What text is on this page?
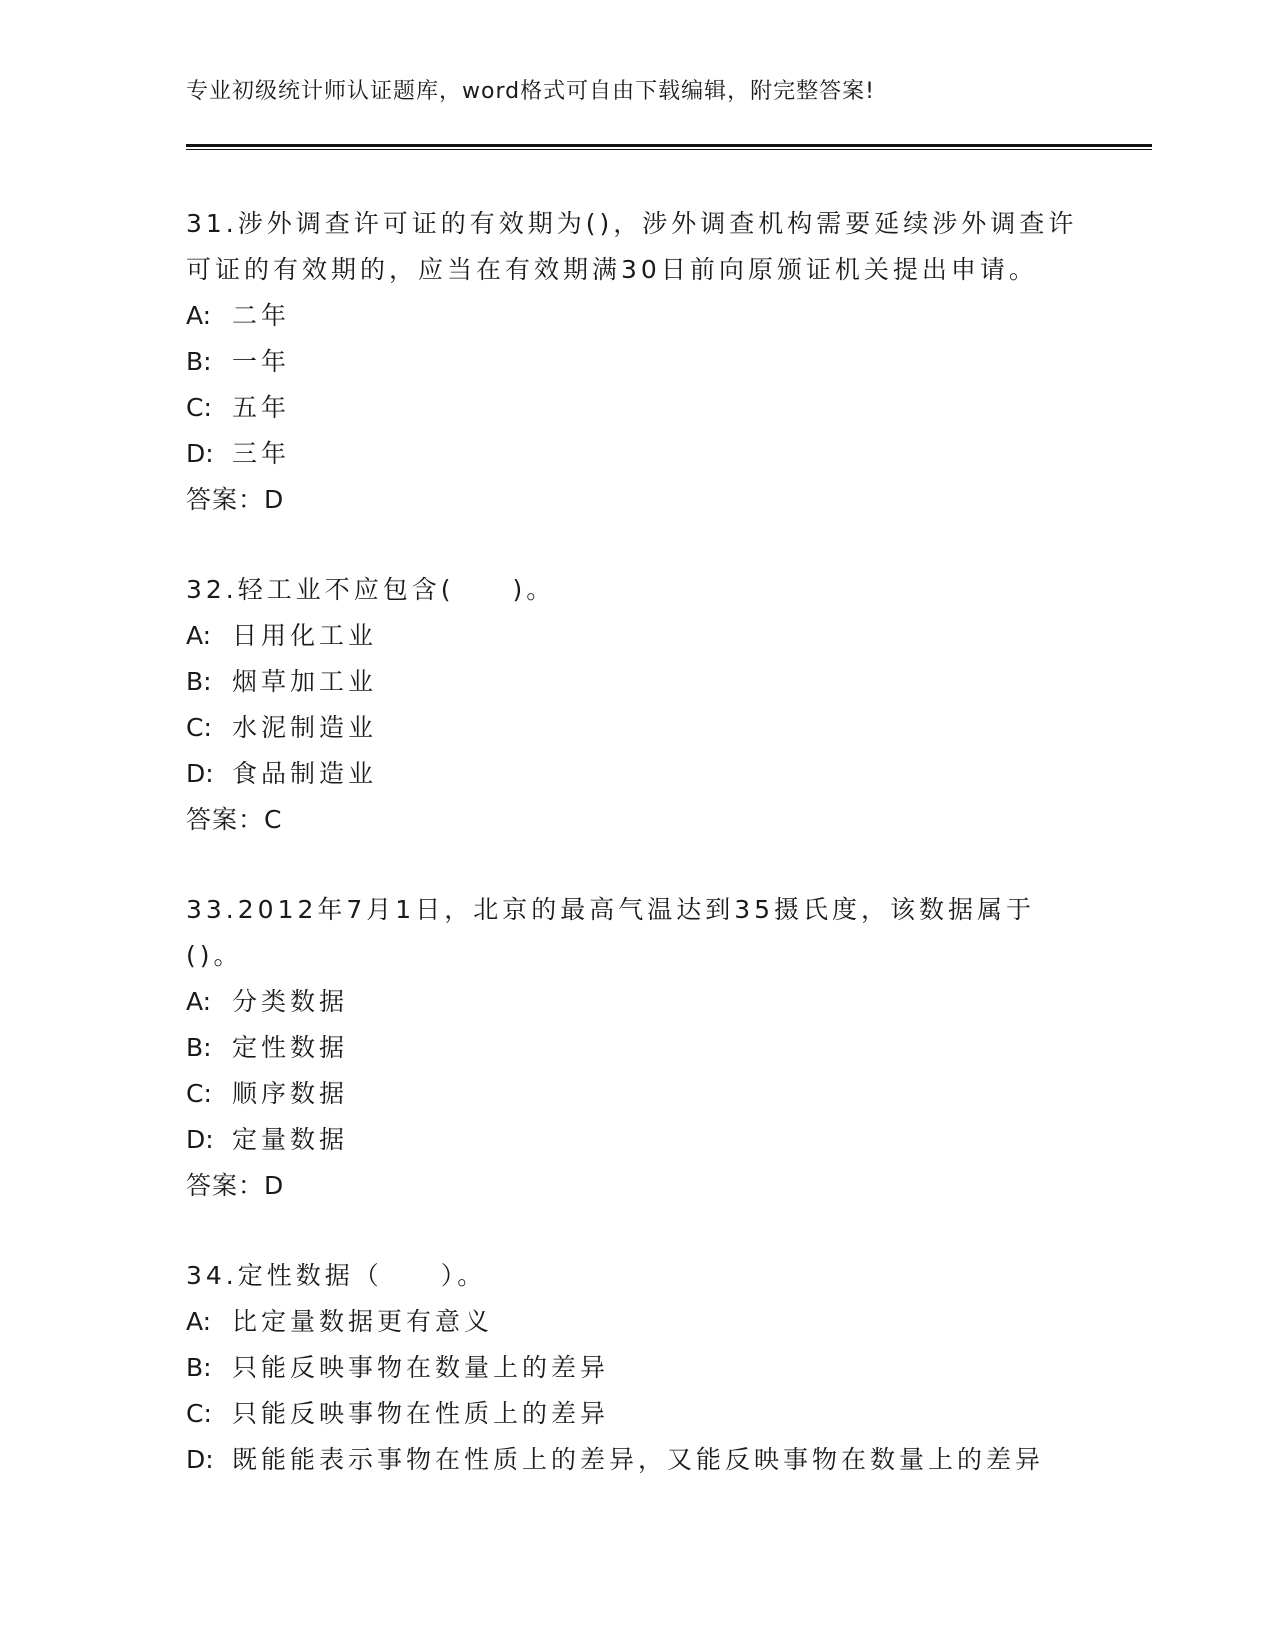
专业初级统计师认证题库，word格式可自由下载编辑，附完整答案!

31.涉外调查许可证的有效期为()，涉外调查机构需要延续涉外调查许可证的有效期的，应当在有效期满30日前向原颁证机关提出申请。

A: 二年

B: 一年

C: 五年

D: 三年

答案：D

32.轻工业不应包含(　　)。

A: 日用化工业

B: 烟草加工业

C: 水泥制造业

D: 食品制造业

答案：C

33.2012年7月1日，北京的最高气温达到35摄氏度，该数据属于()。

A: 分类数据

B: 定性数据

C: 顺序数据

D: 定量数据

答案：D

34.定性数据（　　）。

A: 比定量数据更有意义

B: 只能反映事物在数量上的差异

C: 只能反映事物在性质上的差异

D: 既能能表示事物在性质上的差异，又能反映事物在数量上的差异
